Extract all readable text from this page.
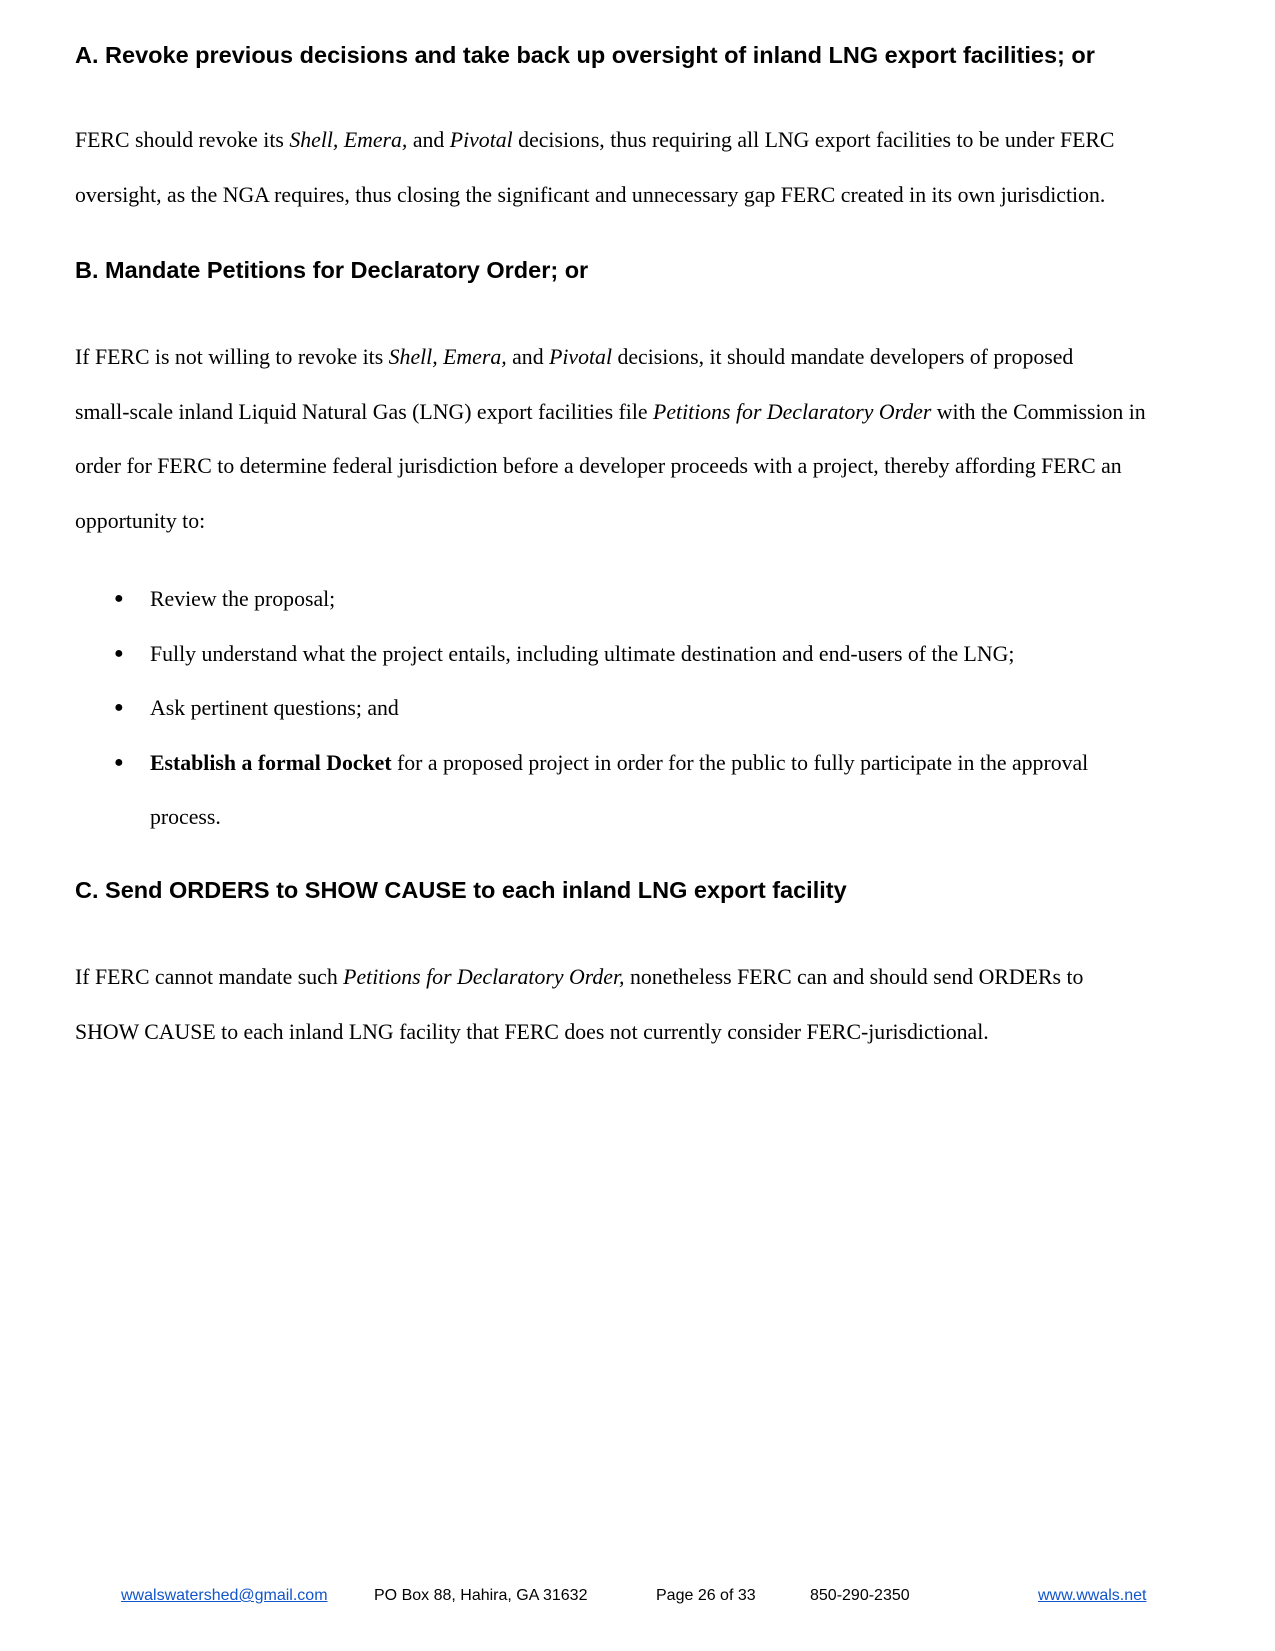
A. Revoke previous decisions and take back up oversight of inland LNG export facilities; or

FERC should revoke its Shell, Emera, and Pivotal decisions, thus requiring all LNG export facilities to be under FERC
oversight, as the NGA requires, thus closing the significant and unnecessary gap FERC created in its own jurisdiction.

B. Mandate Petitions for Declaratory Order; or

If FERC is not willing to revoke its Shell, Emera, and Pivotal decisions, it should mandate developers of proposed
small-scale inland Liquid Natural Gas (LNG) export facilities file Petitions for Declaratory Order with the Commission in
order for FERC to determine federal jurisdiction before a developer proceeds with a project, thereby affording FERC an
opportunity to:

● Review the proposal;
● Fully understand what the project entails, including ultimate destination and end-users of the LNG;
● Ask pertinent questions; and
● Establish a formal Docket for a proposed project in order for the public to fully participate in the approval
process.
C. Send ORDERS to SHOW CAUSE to each inland LNG export facility

If FERC cannot mandate such Petitions for Declaratory Order, nonetheless FERC can and should send ORDERs to
SHOW CAUSE to each inland LNG facility that FERC does not currently consider FERC-jurisdictional.

wwalswatershed@gmail.com	PO Box 88, Hahira, GA 31632	Page 26 of 33	850-290-2350	www.wwals.net
